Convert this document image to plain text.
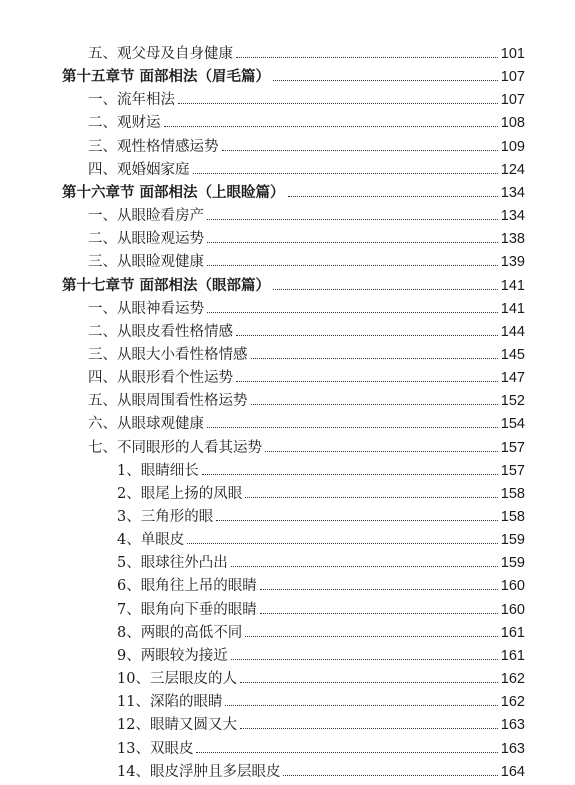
五、观父母及自身健康	101
第十五章节 面部相法（眉毛篇）	107
一、流年相法	107
二、观财运	108
三、观性格情感运势	109
四、观婚姻家庭	124
第十六章节 面部相法（上眼睑篇）	134
一、从眼睑看房产	134
二、从眼睑观运势	138
三、从眼睑观健康	139
第十七章节 面部相法（眼部篇）	141
一、从眼神看运势	141
二、从眼皮看性格情感	144
三、从眼大小看性格情感	145
四、从眼形看个性运势	147
五、从眼周围看性格运势	152
六、从眼球观健康	154
七、不同眼形的人看其运势	157
1、眼睛细长	157
2、眼尾上扬的凤眼	158
3、三角形的眼	158
4、单眼皮	159
5、眼球往外凸出	159
6、眼角往上吊的眼睛	160
7、眼角向下垂的眼睛	160
8、两眼的高低不同	161
9、两眼较为接近	161
10、三层眼皮的人	162
11、深陷的眼睛	162
12、眼睛又圆又大	163
13、双眼皮	163
14、眼皮浮肿且多层眼皮	164
